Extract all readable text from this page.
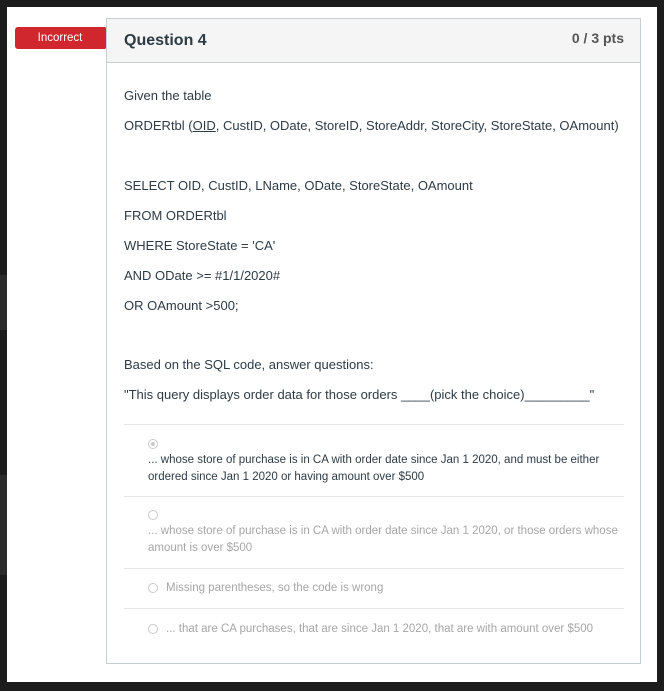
Incorrect	Question 4	0 / 3 pts
Given the table
ORDERtbl (OID, CustID, ODate, StoreID, StoreAddr, StoreCity, StoreState, OAmount)
SELECT OID, CustID, LName, ODate, StoreState, OAmount
FROM ORDERtbl
WHERE StoreState = 'CA'
AND ODate >= #1/1/2020#
OR OAmount >500;
Based on the SQL code, answer questions:
"This query displays order data for those orders ____(pick the choice)_________"
... whose store of purchase is in CA with order date since Jan 1 2020, and must be either ordered since Jan 1 2020 or having amount over $500
... whose store of purchase is in CA with order date since Jan 1 2020, or those orders whose amount is over $500
Missing parentheses, so the code is wrong
... that are CA purchases, that are since Jan 1 2020, that are with amount over $500
